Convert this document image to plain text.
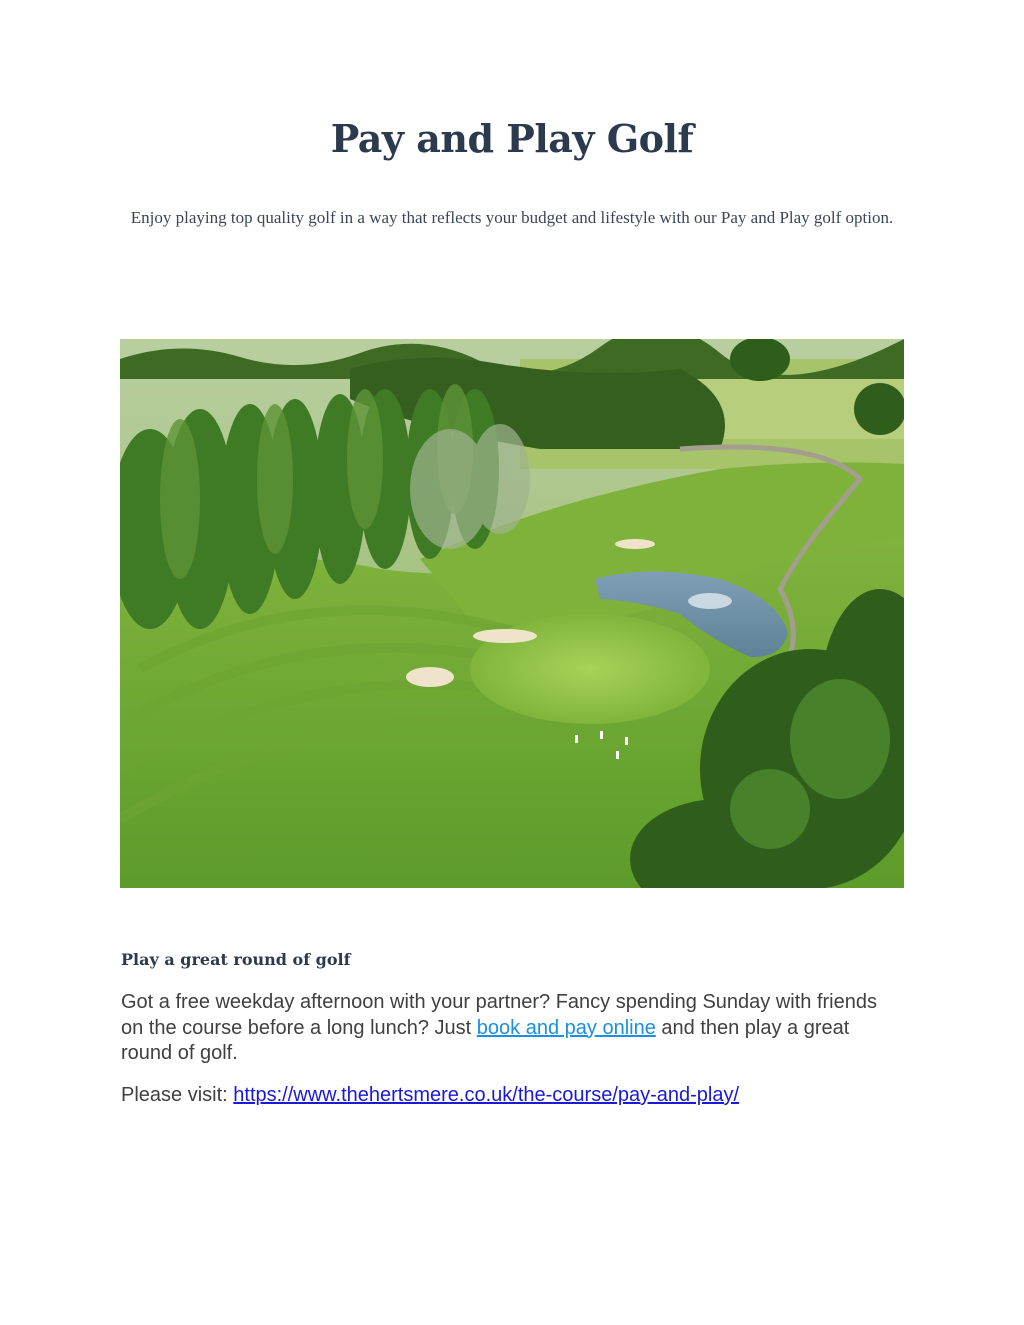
Pay and Play Golf

Enjoy playing top quality golf in a way that reflects your budget and lifestyle with our Pay and Play golf option.

Play a great round of golf

Got a free weekday afternoon with your partner? Fancy spending Sunday with friends on the course before a long lunch? Just book and pay online and then play a great round of golf.

Please visit: https://www.thehertsmere.co.uk/the-course/pay-and-play/
